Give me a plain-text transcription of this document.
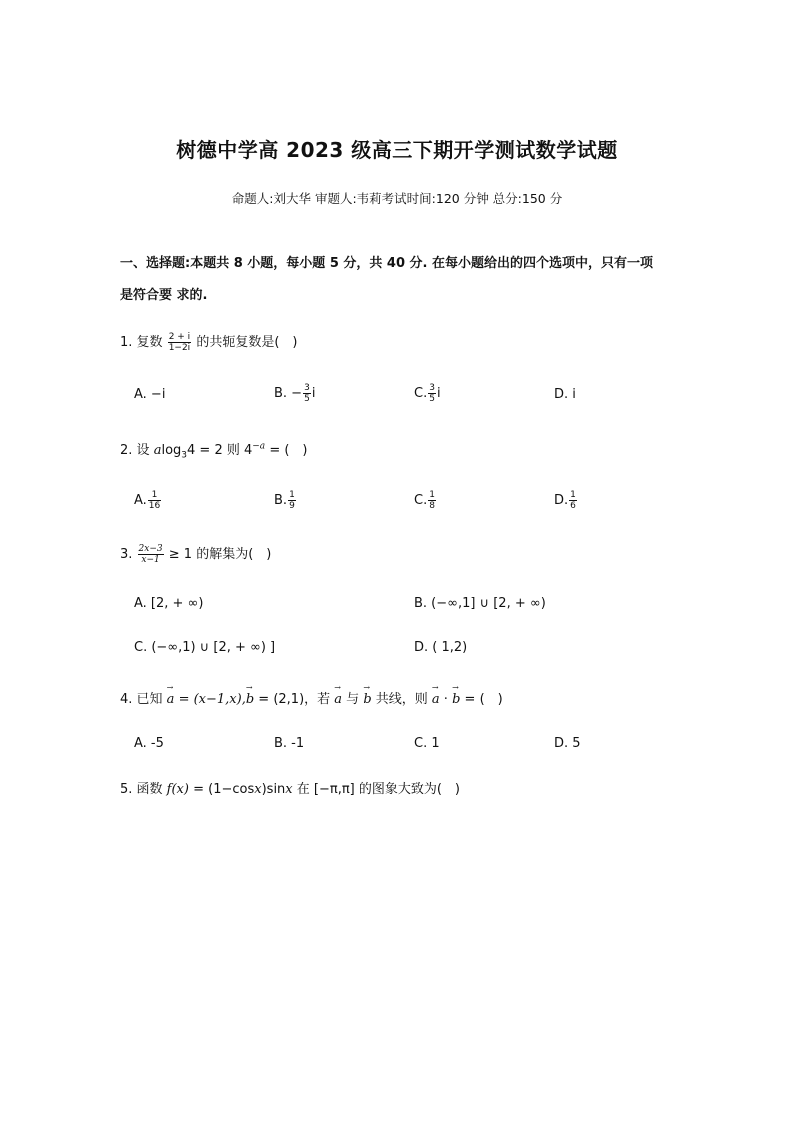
树德中学高 2023 级高三下期开学测试数学试题
命题人:刘大华 审题人:韦莉考试时间:120 分钟 总分:150 分
一、选择题:本题共 8 小题，每小题 5 分，共 40 分. 在每小题给出的四个选项中，只有一项
是符合要 求的.
1. 复数 $\frac{2 + i}{1-2i}$ 的共轭复数是(　)
A. −i	B. − $\frac{3}{5}$ i	C. $\frac{3}{5}$ i	D. i
2. 设 alog$_3$4 = 2 则 $4^{-a}$ = (　)
A. $\frac{1}{16}$	B. $\frac{1}{9}$	C. $\frac{1}{8}$	D. $\frac{1}{6}$
3. $\frac{2x-3}{x-1} \ge 1$ 的解集为(　)
A. [2, + ∞)	B. (−∞,1] ∪ [2, + ∞)
C. (−∞,1) ∪ [2, + ∞) ]	D. ( 1,2)
4. 已知 → a = (x−1,x),→ b = (2,1)，若 → a 与 → b 共线，则 → a · → b = (　)
A. -5	B. -1	C. 1	D. 5
5. 函数 f(x) = (1−cosx)sinx 在 [−π,π] 的图象大致为(　)
